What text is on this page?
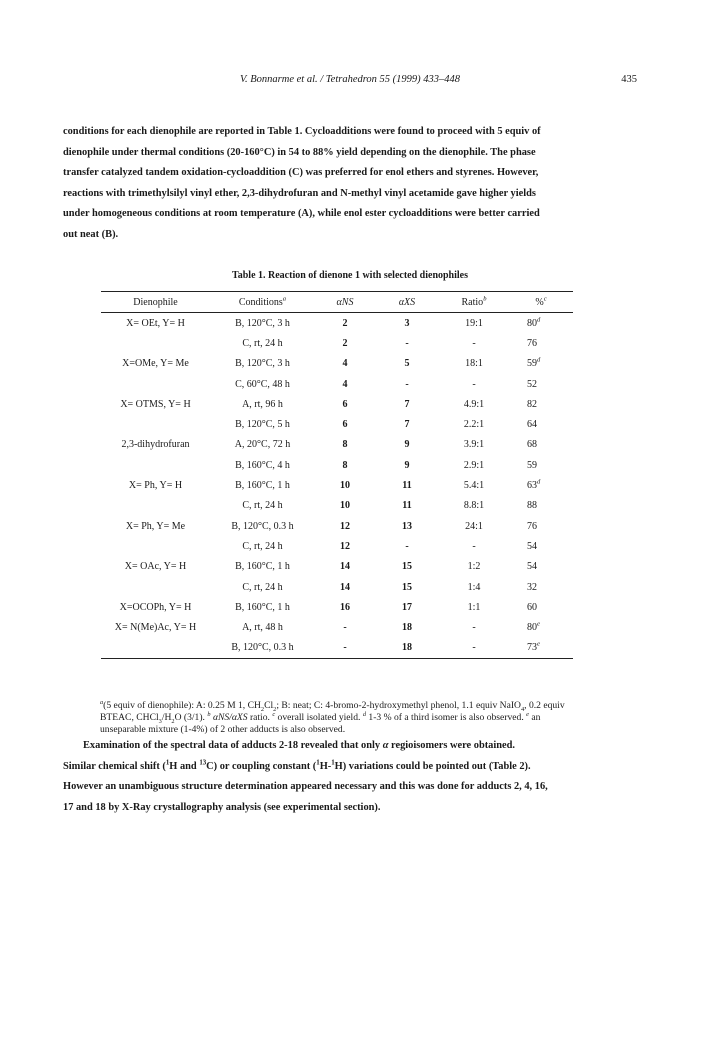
V. Bonnarme et al. / Tetrahedron 55 (1999) 433–448	435
conditions for each dienophile are reported in Table 1. Cycloadditions were found to proceed with 5 equiv of
dienophile under thermal conditions (20-160°C) in 54 to 88% yield depending on the dienophile. The phase
transfer catalyzed tandem oxidation-cycloaddition (C) was preferred for enol ethers and styrenes. However,
reactions with trimethylsilyl vinyl ether, 2,3-dihydrofuran and N-methyl vinyl acetamide gave higher yields
under homogeneous conditions at room temperature (A), while enol ester cycloadditions were better carried
out neat (B).
Table 1. Reaction of dienone 1 with selected dienophiles
Dienophile	Conditions$^a$	αNS	αXS	Ratio$^b$	%$^c$
X= OEt, Y= H	B, 120°C, 3 h	2	3	19:1	80$^d$
	C, rt, 24 h	2	-	-	76
X=OMe, Y= Me	B, 120°C, 3 h	4	5	18:1	59$^d$
	C, 60°C, 48 h	4	-	-	52
X= OTMS, Y= H	A, rt, 96 h	6	7	4.9:1	82
	B, 120°C, 5 h	6	7	2.2:1	64
2,3-dihydrofuran	A, 20°C, 72 h	8	9	3.9:1	68
	B, 160°C, 4 h	8	9	2.9:1	59
X= Ph, Y= H	B, 160°C, 1 h	10	11	5.4:1	63$^d$
	C, rt, 24 h	10	11	8.8:1	88
X= Ph, Y= Me	B, 120°C, 0.3 h	12	13	24:1	76
	C, rt, 24 h	12	-	-	54
X= OAc, Y= H	B, 160°C, 1 h	14	15	1:2	54
	C, rt, 24 h	14	15	1:4	32
X=OCOPh, Y= H	B, 160°C, 1 h	16	17	1:1	60
X= N(Me)Ac, Y= H	A, rt, 48 h	-	18	-	80e
	B, 120°C, 0.3 h	-	18	-	73e
$^a$(5 equiv of dienophile): A: 0.25 M 1, $CH_2Cl_2$; B: neat; C: 4-bromo-2-hydroxymethyl phenol, 1.1 equiv NaIO$_4$, 0.2 equiv BTEAC, $CHCl_3/H_2O$ (3/1). $^b$ αNS/αXS ratio. $^c$ overall isolated yield. $^d$ 1-3 % of a third isomer is also observed. $^e$ an unseparable mixture (1-4%) of 2 other adducts is also observed.
Examination of the spectral data of adducts 2-18 revealed that only α regioisomers were obtained.
Similar chemical shift ($^1$H and $^{13}$C) or coupling constant ($^1$H-$^1$H) variations could be pointed out (Table 2).
However an unambiguous structure determination appeared necessary and this was done for adducts 2, 4, 16,
17 and 18 by X-Ray crystallography analysis (see experimental section).
